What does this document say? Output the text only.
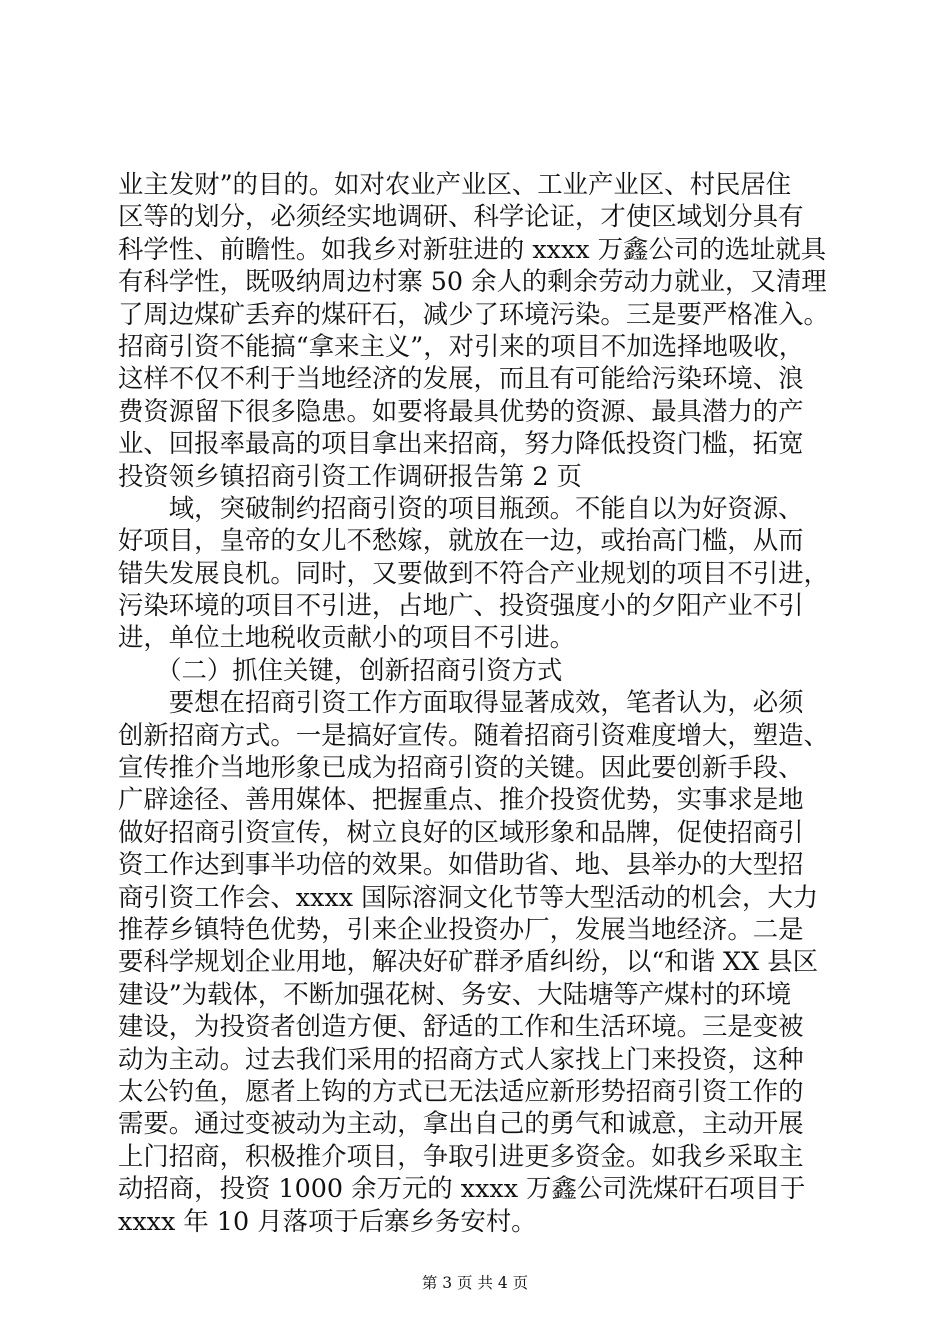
业主发财”的目的。如对农业产业区、工业产业区、村民居住
区等的划分，必须经实地调研、科学论证，才使区域划分具有
科学性、前瞻性。如我乡对新驻进的 xxxx 万鑫公司的选址就具
有科学性，既吸纳周边村寨 50 余人的剩余劳动力就业，又清理
了周边煤矿丢弃的煤矸石，减少了环境污染。三是要严格准入。
招商引资不能搞“拿来主义”，对引来的项目不加选择地吸收，
这样不仅不利于当地经济的发展，而且有可能给污染环境、浪
费资源留下很多隐患。如要将最具优势的资源、最具潜力的产
业、回报率最高的项目拿出来招商，努力降低投资门槛，拓宽
投资领乡镇招商引资工作调研报告第 2 页
　　域，突破制约招商引资的项目瓶颈。不能自以为好资源、
好项目，皇帝的女儿不愁嫁，就放在一边，或抬高门槛，从而
错失发展良机。同时，又要做到不符合产业规划的项目不引进，
污染环境的项目不引进，占地广、投资强度小的夕阳产业不引
进，单位土地税收贡献小的项目不引进。
　　（二）抓住关键，创新招商引资方式
　　要想在招商引资工作方面取得显著成效，笔者认为，必须
创新招商方式。一是搞好宣传。随着招商引资难度增大，塑造、
宣传推介当地形象已成为招商引资的关键。因此要创新手段、
广辟途径、善用媒体、把握重点、推介投资优势，实事求是地
做好招商引资宣传，树立良好的区域形象和品牌，促使招商引
资工作达到事半功倍的效果。如借助省、地、县举办的大型招
商引资工作会、xxxx 国际溶洞文化节等大型活动的机会，大力
推荐乡镇特色优势，引来企业投资办厂，发展当地经济。二是
要科学规划企业用地，解决好矿群矛盾纠纷，以“和谐 XX 县区
建设”为载体，不断加强花树、务安、大陆塘等产煤村的环境
建设，为投资者创造方便、舒适的工作和生活环境。三是变被
动为主动。过去我们采用的招商方式人家找上门来投资，这种
太公钓鱼，愿者上钩的方式已无法适应新形势招商引资工作的
需要。通过变被动为主动，拿出自己的勇气和诚意，主动开展
上门招商，积极推介项目，争取引进更多资金。如我乡采取主
动招商，投资 1000 余万元的 xxxx 万鑫公司洗煤矸石项目于
xxxx 年 10 月落项于后寨乡务安村。
第 3 页 共 4 页
